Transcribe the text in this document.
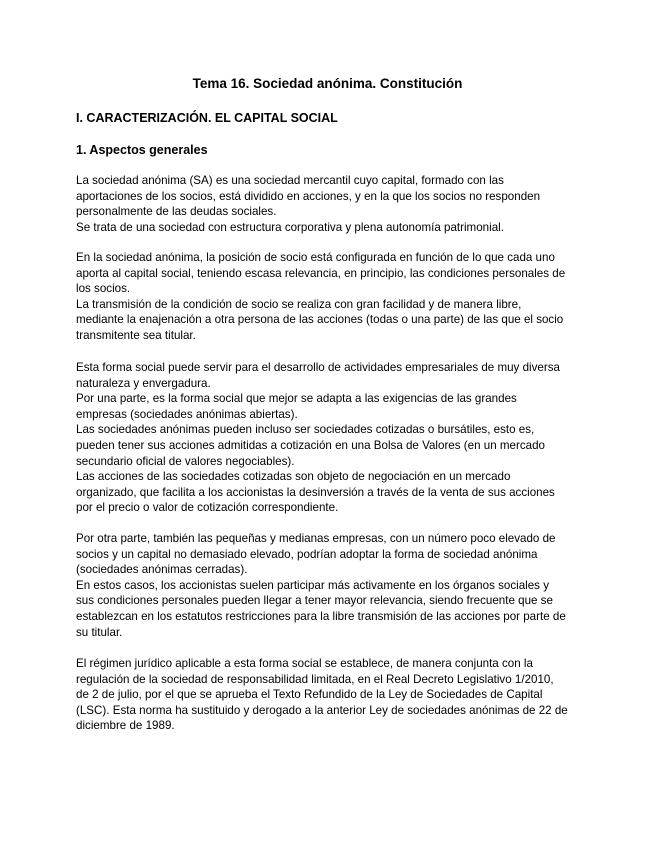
Tema 16. Sociedad anónima. Constitución
I. CARACTERIZACIÓN. EL CAPITAL SOCIAL
1. Aspectos generales

La sociedad anónima (SA) es una sociedad mercantil cuyo capital, formado con las

aportaciones de los socios, está dividido en acciones, y en la que los socios no responden

personalmente de las deudas sociales.

Se trata de una sociedad con estructura corporativa y plena autonomía patrimonial.

En la sociedad anónima, la posición de socio está configurada en función de lo que cada uno

aporta al capital social, teniendo escasa relevancia, en principio, las condiciones personales de

los socios.

La transmisión de la condición de socio se realiza con gran facilidad y de manera libre,

mediante la enajenación a otra persona de las acciones (todas o una parte) de las que el socio

transmitente sea titular.

Esta forma social puede servir para el desarrollo de actividades empresariales de muy diversa

naturaleza y envergadura.

Por una parte, es la forma social que mejor se adapta a las exigencias de las grandes

empresas (sociedades anónimas abiertas).

Las sociedades anónimas pueden incluso ser sociedades cotizadas o bursátiles, esto es,

pueden tener sus acciones admitidas a cotización en una Bolsa de Valores (en un mercado

secundario oficial de valores negociables).

Las acciones de las sociedades cotizadas son objeto de negociación en un mercado

organizado, que facilita a los accionistas la desinversión a través de la venta de sus acciones

por el precio o valor de cotización correspondiente.

Por otra parte, también las pequeñas y medianas empresas, con un número poco elevado de

socios y un capital no demasiado elevado, podrían adoptar la forma de sociedad anónima

(sociedades anónimas cerradas).

En estos casos, los accionistas suelen participar más activamente en los órganos sociales y

sus condiciones personales pueden llegar a tener mayor relevancia, siendo frecuente que se

establezcan en los estatutos restricciones para la libre transmisión de las acciones por parte de

su titular.

El régimen jurídico aplicable a esta forma social se establece, de manera conjunta con la

regulación de la sociedad de responsabilidad limitada, en el Real Decreto Legislativo 1/2010,

de 2 de julio, por el que se aprueba el Texto Refundido de la Ley de Sociedades de Capital

(LSC). Esta norma ha sustituido y derogado a la anterior Ley de sociedades anónimas de 22 de

diciembre de 1989.
